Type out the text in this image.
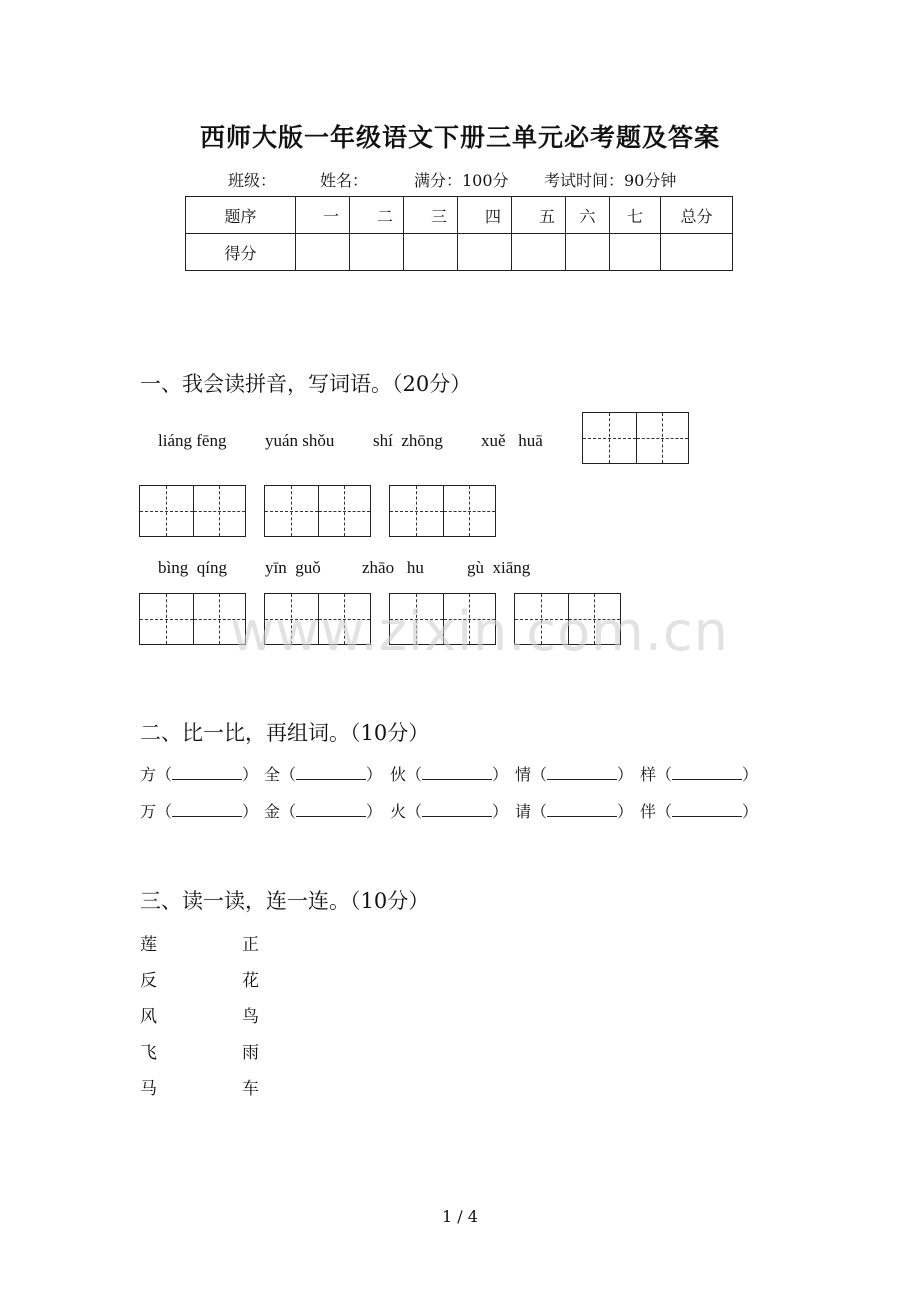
西师大版一年级语文下册三单元必考题及答案
班级：	姓名：	满分：100分 考试时间：90分钟
题序	一	二	三	四	五	六	七	总分
得分								
一、我会读拼音，写词语。（20分）
liáng fēng yuán shǒu shí  zhōng xuě   huā
bìng  qíng yīn  guǒ zhāo   hu	gù  xiāng
www.zixin.com.cn
二、比一比，再组词。（10分）
方（	） 全（	） 伙（	） 情（	） 样（	）
万（	） 金（	） 火（	） 请（	） 伴（	）
三、读一读，连一连。（10分）
莲
反
风
飞
马
正
花
鸟
雨
车
1 / 4
